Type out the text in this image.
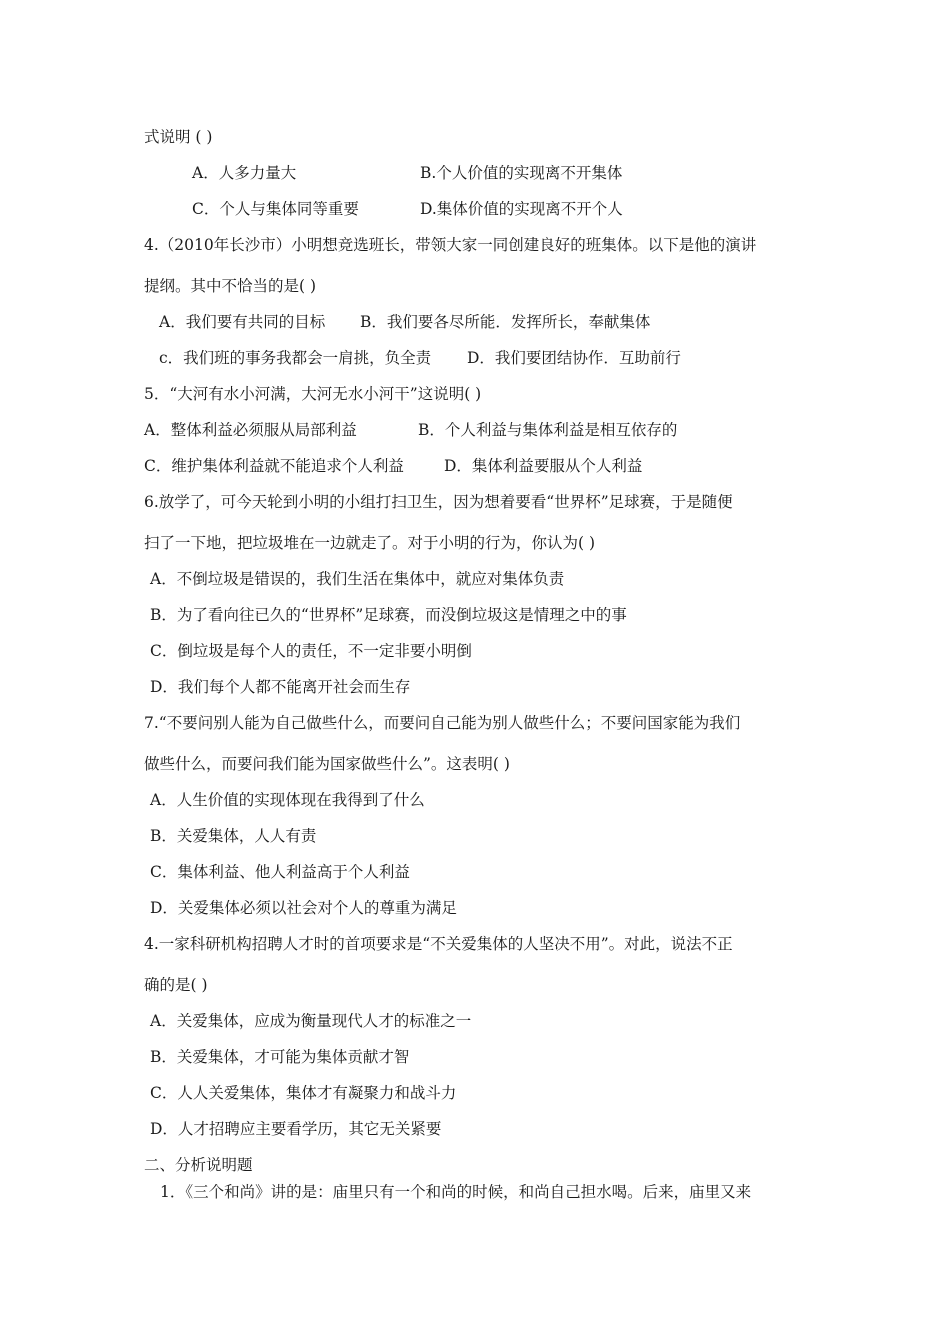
式说明 ( )
A．人多力量大	B.个人价值的实现离不开集体
C．个人与集体同等重要	D.集体价值的实现离不开个人
4.（2010年长沙市）小明想竞选班长，带领大家一同创建良好的班集体。以下是他的演讲
提纲。其中不恰当的是( )
A．我们要有共同的目标 B．我们要各尽所能．发挥所长，奉献集体
c．我们班的事务我都会一肩挑，负全责 D．我们要团结协作．互助前行
5．“大河有水小河满，大河无水小河干”这说明( )
A．整体利益必须服从局部利益	B．个人利益与集体利益是相互依存的
C．维护集体利益就不能追求个人利益	D．集体利益要服从个人利益
6.放学了，可今天轮到小明的小组打扫卫生，因为想着要看“世界杯”足球赛，于是随便
扫了一下地，把垃圾堆在一边就走了。对于小明的行为，你认为( )
A．不倒垃圾是错误的，我们生活在集体中，就应对集体负责
B．为了看向往已久的“世界杯”足球赛，而没倒垃圾这是情理之中的事
C．倒垃圾是每个人的责任，不一定非要小明倒
D．我们每个人都不能离开社会而生存
7.“不要问别人能为自己做些什么，而要问自己能为别人做些什么；不要问国家能为我们
做些什么，而要问我们能为国家做些什么”。这表明( )
A．人生价值的实现体现在我得到了什么
B．关爱集体，人人有责
C．集体利益、他人利益高于个人利益
D．关爱集体必须以社会对个人的尊重为满足
4.一家科研机构招聘人才时的首项要求是“不关爱集体的人坚决不用”。对此，说法不正
确的是( )
A．关爱集体，应成为衡量现代人才的标准之一
B．关爱集体，才可能为集体贡献才智
C．人人关爱集体，集体才有凝聚力和战斗力
D．人才招聘应主要看学历，其它无关紧要
二、分析说明题
1．《三个和尚》讲的是：庙里只有一个和尚的时候，和尚自己担水喝。后来，庙里又来
